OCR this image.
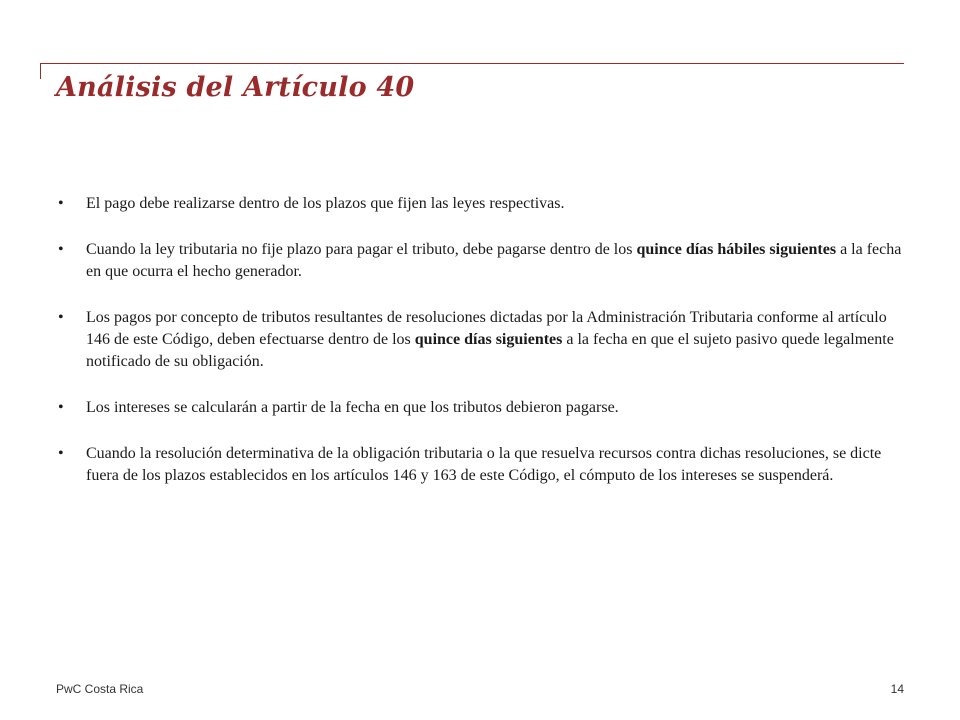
Análisis del Artículo 40
• El pago debe realizarse dentro de los plazos que fijen las leyes respectivas.
• Cuando la ley tributaria no fije plazo para pagar el tributo, debe pagarse dentro de los quince días hábiles siguientes a la fecha en que ocurra el hecho generador.
• Los pagos por concepto de tributos resultantes de resoluciones dictadas por la Administración Tributaria conforme al artículo 146 de este Código, deben efectuarse dentro de los quince días siguientes a la fecha en que el sujeto pasivo quede legalmente notificado de su obligación.
• Los intereses se calcularán a partir de la fecha en que los tributos debieron pagarse.
• Cuando la resolución determinativa de la obligación tributaria o la que resuelva recursos contra dichas resoluciones, se dicte fuera de los plazos establecidos en los artículos 146 y 163 de este Código, el cómputo de los intereses se suspenderá.
PwC Costa Rica	14
